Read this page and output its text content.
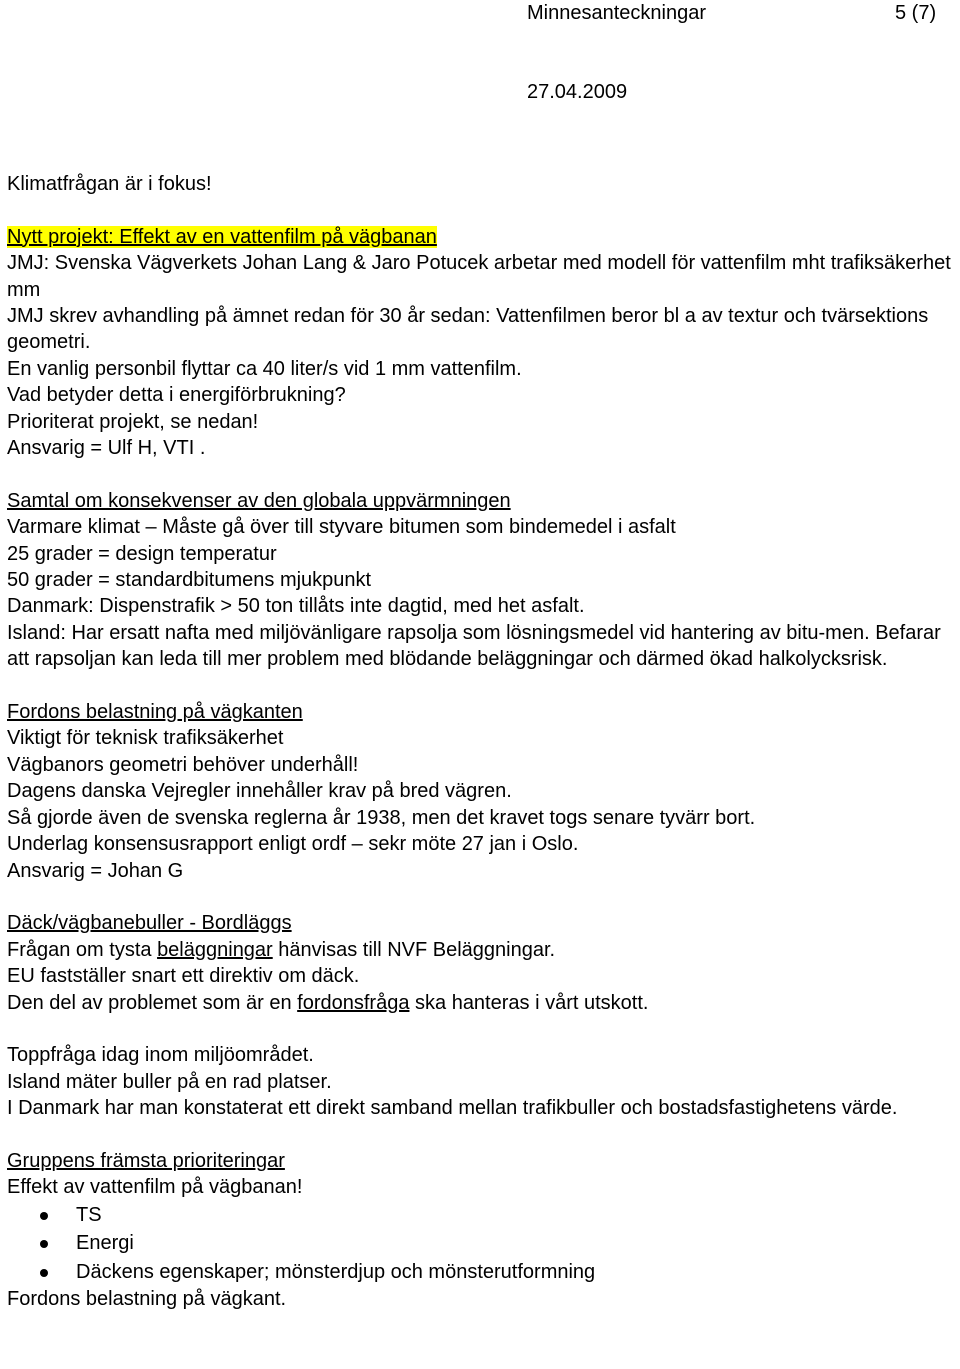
Minnesanteckningar	5 (7)
27.04.2009
Klimatfrågan är i fokus!
Nytt projekt: Effekt av en vattenfilm på vägbanan
JMJ: Svenska Vägverkets Johan Lang & Jaro Potucek arbetar med modell för vattenfilm mht trafiksäkerhet mm
JMJ skrev avhandling på ämnet redan för 30 år sedan: Vattenfilmen beror bl a av textur och tvärsektions geometri.
En vanlig personbil flyttar ca 40 liter/s vid 1 mm vattenfilm.
Vad betyder detta i energiförbrukning?
Prioriterat projekt, se nedan!
Ansvarig = Ulf H, VTI .
Samtal om konsekvenser av den globala uppvärmningen
Varmare klimat – Måste gå över till styvare bitumen som bindemedel i asfalt
25 grader = design temperatur
50 grader = standardbitumens mjukpunkt
Danmark: Dispenstrafik > 50 ton tillåts inte dagtid, med het asfalt.
Island: Har ersatt nafta med miljövänligare rapsolja som lösningsmedel vid hantering av bitu-men. Befarar att rapsoljan kan leda till mer problem med blödande beläggningar och därmed ökad halkolycksrisk.
Fordons belastning på vägkanten
Viktigt för teknisk trafiksäkerhet
Vägbanors geometri behöver underhåll!
Dagens danska Vejregler innehåller krav på bred vägren.
Så gjorde även de svenska reglerna år 1938, men det kravet togs senare tyvärr bort.
Underlag konsensusrapport enligt ordf – sekr möte 27 jan i Oslo.
Ansvarig = Johan G
Däck/vägbanebuller - Bordläggs
Frågan om tysta beläggningar hänvisas till NVF Beläggningar.
EU fastställer snart ett direktiv om däck.
Den del av problemet som är en fordonsfråga ska hanteras i vårt utskott.
Toppfråga idag inom miljöområdet.
Island mäter buller på en rad platser.
I Danmark har man konstaterat ett direkt samband mellan trafikbuller och bostadsfastighetens värde.
Gruppens främsta prioriteringar
Effekt av vattenfilm på vägbanan!
TS
Energi
Däckens egenskaper; mönsterdjup och mönsterutformning
Fordons belastning på vägkant.
